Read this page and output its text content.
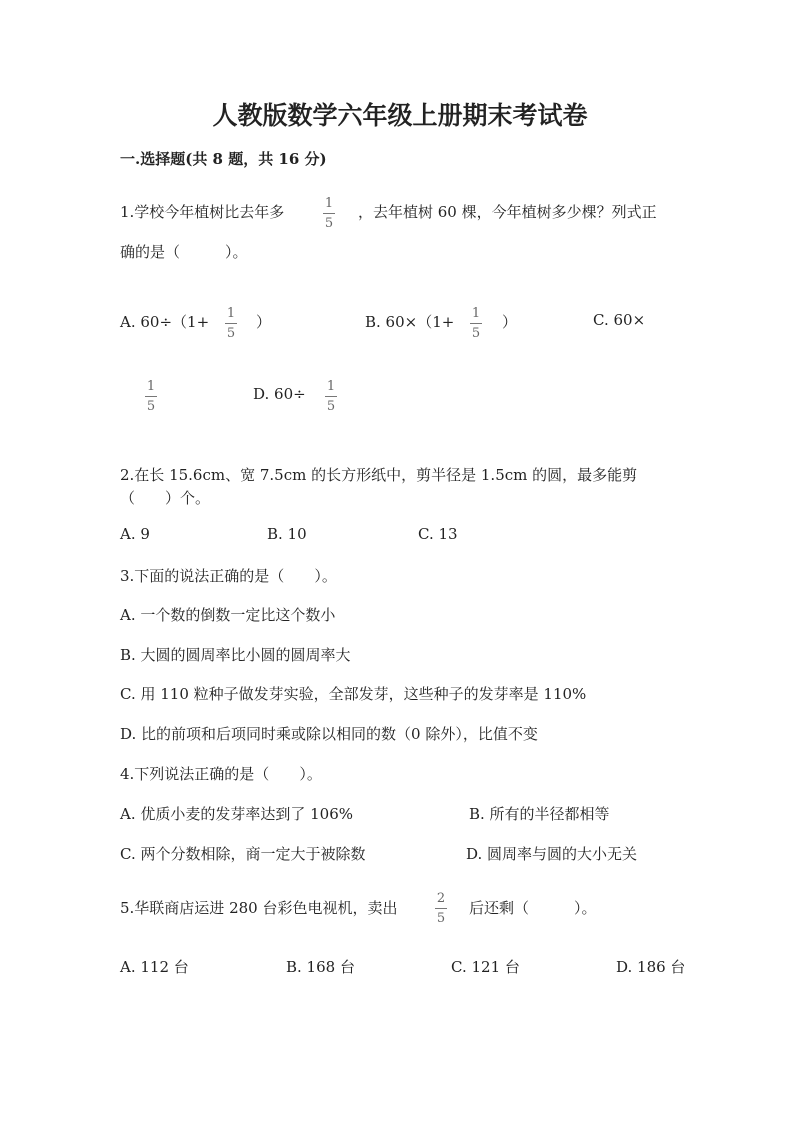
人教版数学六年级上册期末考试卷
一.选择题(共 8 题，共 16 分)
1.学校今年植树比去年多	1
5
，去年植树 60 棵，今年植树多少棵？列式正
确的是（　　　）。
A. 60÷（1+ 1
5
）	B. 60×（1+ 1
5
）	C. 60×
1
5
D. 60÷ 1
5
2.在长 15.6cm、宽 7.5cm 的长方形纸中，剪半径是 1.5cm 的圆，最多能剪
（　　）个。
A. 9	B. 10	C. 13
3.下面的说法正确的是（　　）。
A. 一个数的倒数一定比这个数小
B. 大圆的圆周率比小圆的圆周率大
C. 用 110 粒种子做发芽实验，全部发芽，这些种子的发芽率是 110%
D. 比的前项和后项同时乘或除以相同的数（0 除外），比值不变
4.下列说法正确的是（　　）。
A. 优质小麦的发芽率达到了 106%	B. 所有的半径都相等
C. 两个分数相除，商一定大于被除数	D. 圆周率与圆的大小无关
5.华联商店运进 280 台彩色电视机，卖出
2
5
后还剩（　　　）。
A. 112 台	B. 168 台	C. 121 台	D. 186 台
